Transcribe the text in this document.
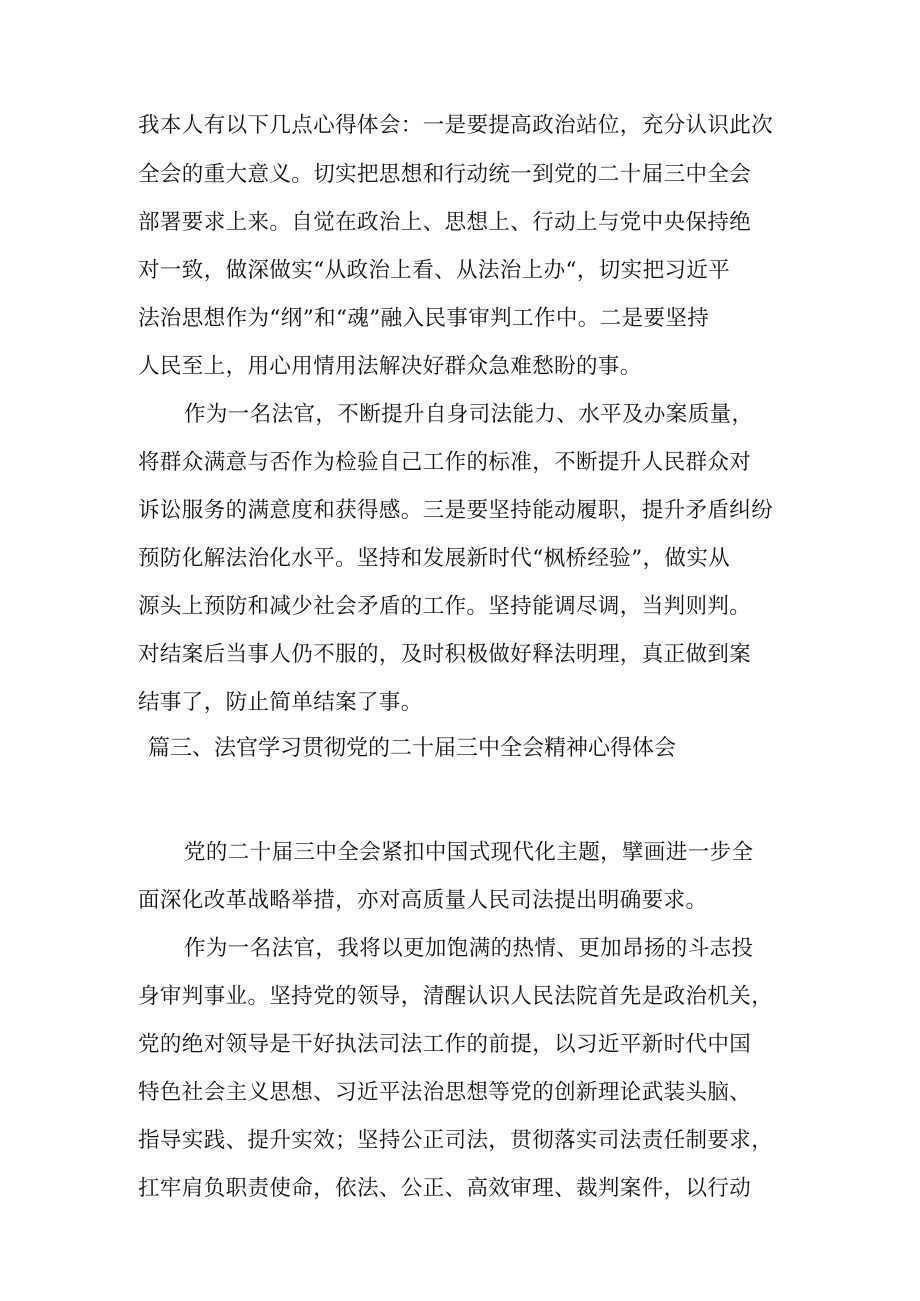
我本人有以下几点心得体会：一是要提高政治站位，充分认识此次
全会的重大意义。切实把思想和行动统一到党的二十届三中全会
部署要求上来。自觉在政治上、思想上、行动上与党中央保持绝
对一致，做深做实“从政治上看、从法治上办“，切实把习近平
法治思想作为“纲”和“魂”融入民事审判工作中。二是要坚持
人民至上，用心用情用法解决好群众急难愁盼的事。
作为一名法官，不断提升自身司法能力、水平及办案质量，
将群众满意与否作为检验自己工作的标准，不断提升人民群众对
诉讼服务的满意度和获得感。三是要坚持能动履职，提升矛盾纠纷
预防化解法治化水平。坚持和发展新时代“枫桥经验”，做实从
源头上预防和减少社会矛盾的工作。坚持能调尽调，当判则判。
对结案后当事人仍不服的，及时积极做好释法明理，真正做到案
结事了，防止简单结案了事。
篇三、法官学习贯彻党的二十届三中全会精神心得体会
党的二十届三中全会紧扣中国式现代化主题，擘画进一步全
面深化改革战略举措，亦对高质量人民司法提出明确要求。
作为一名法官，我将以更加饱满的热情、更加昂扬的斗志投
身审判事业。坚持党的领导，清醒认识人民法院首先是政治机关，
党的绝对领导是干好执法司法工作的前提，以习近平新时代中国
特色社会主义思想、习近平法治思想等党的创新理论武装头脑、
指导实践、提升实效；坚持公正司法，贯彻落实司法责任制要求，
扛牢肩负职责使命，依法、公正、高效审理、裁判案件，以行动
